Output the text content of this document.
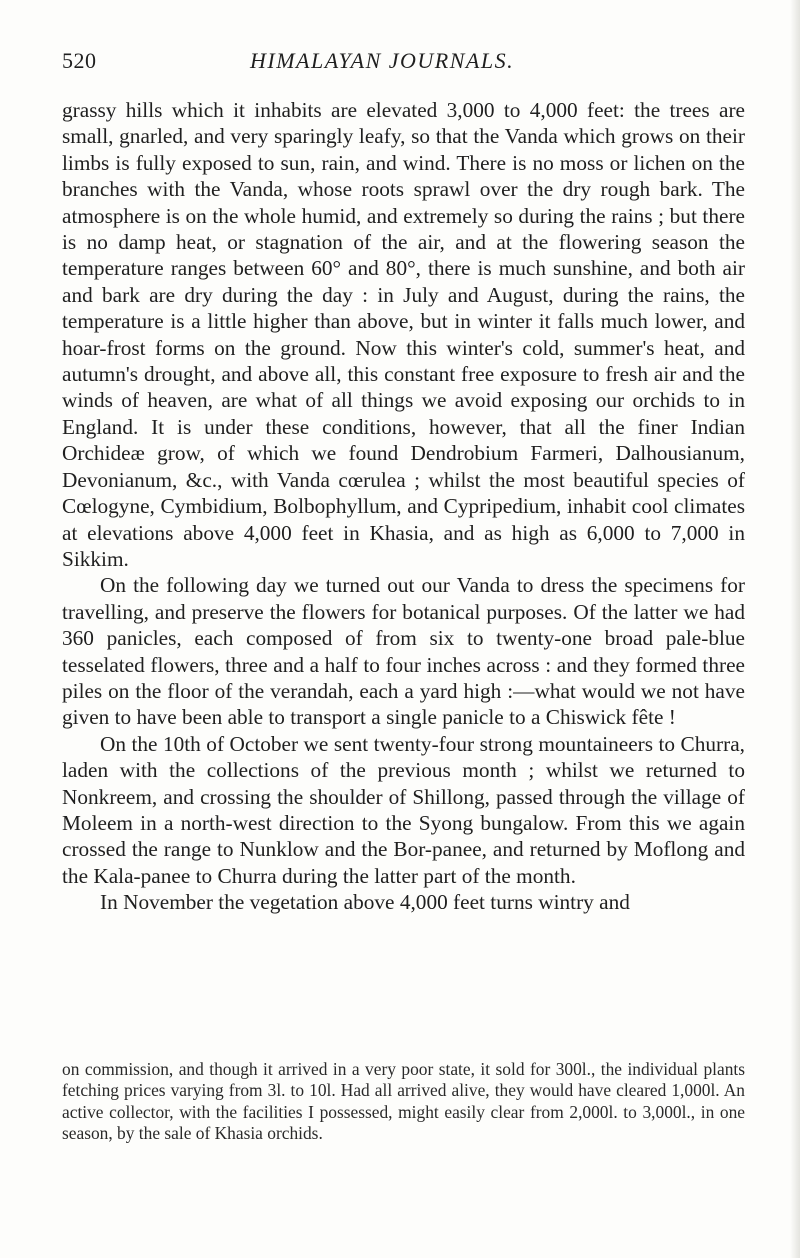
520	HIMALAYAN JOURNALS.

grassy hills which it inhabits are elevated 3,000 to 4,000 feet: the trees are small, gnarled, and very sparingly leafy, so that the Vanda which grows on their limbs is fully exposed to sun, rain, and wind. There is no moss or lichen on the branches with the Vanda, whose roots sprawl over the dry rough bark. The atmosphere is on the whole humid, and extremely so during the rains ; but there is no damp heat, or stagnation of the air, and at the flowering season the temperature ranges between 60° and 80°, there is much sunshine, and both air and bark are dry during the day : in July and August, during the rains, the temperature is a little higher than above, but in winter it falls much lower, and hoar-frost forms on the ground. Now this winter's cold, summer's heat, and autumn's drought, and above all, this constant free exposure to fresh air and the winds of heaven, are what of all things we avoid exposing our orchids to in England. It is under these conditions, however, that all the finer Indian Orchideæ grow, of which we found Dendrobium Farmeri, Dalhousianum, Devonianum, &c., with Vanda cœrulea ; whilst the most beautiful species of Cœlogyne, Cymbidium, Bolbophyllum, and Cypripedium, inhabit cool climates at elevations above 4,000 feet in Khasia, and as high as 6,000 to 7,000 in Sikkim.

On the following day we turned out our Vanda to dress the specimens for travelling, and preserve the flowers for botanical purposes. Of the latter we had 360 panicles, each composed of from six to twenty-one broad pale-blue tesselated flowers, three and a half to four inches across : and they formed three piles on the floor of the verandah, each a yard high :—what would we not have given to have been able to transport a single panicle to a Chiswick fête !

On the 10th of October we sent twenty-four strong mountaineers to Churra, laden with the collections of the previous month ; whilst we returned to Nonkreem, and crossing the shoulder of Shillong, passed through the village of Moleem in a north-west direction to the Syong bungalow. From this we again crossed the range to Nunklow and the Bor-panee, and returned by Moflong and the Kala-panee to Churra during the latter part of the month.

In November the vegetation above 4,000 feet turns wintry and

on commission, and though it arrived in a very poor state, it sold for 300l., the individual plants fetching prices varying from 3l. to 10l. Had all arrived alive, they would have cleared 1,000l. An active collector, with the facilities I possessed, might easily clear from 2,000l. to 3,000l., in one season, by the sale of Khasia orchids.
